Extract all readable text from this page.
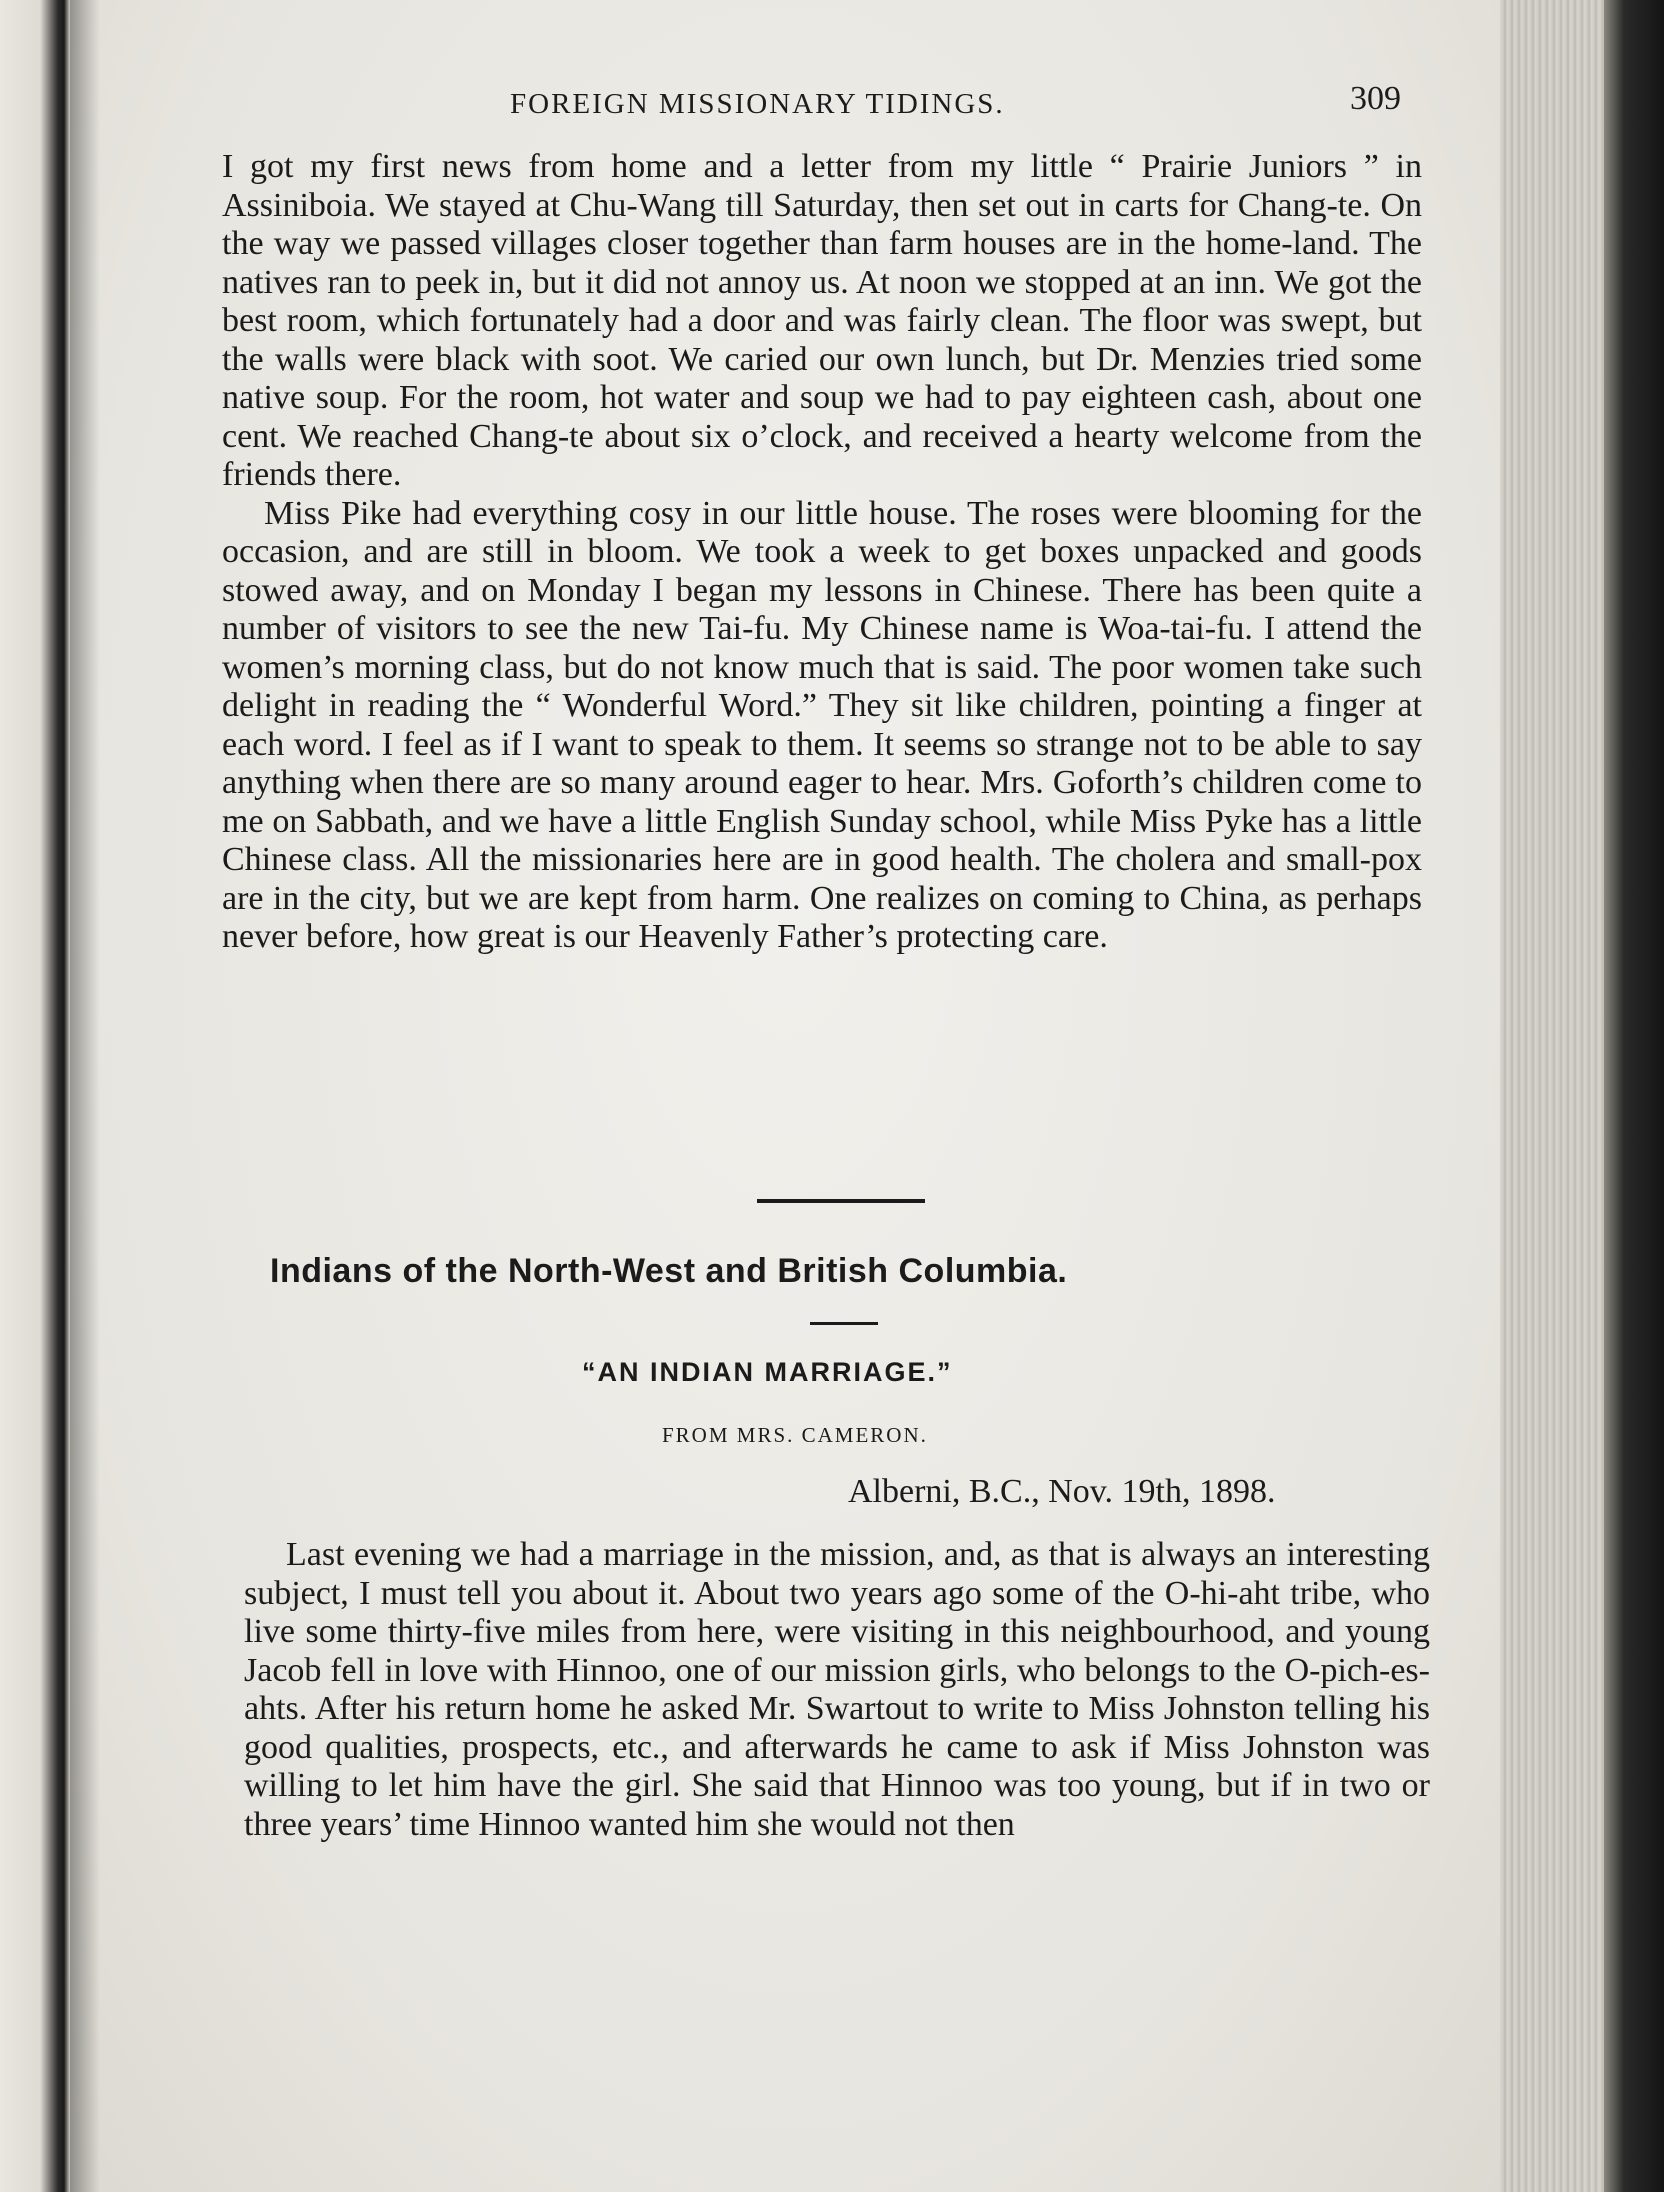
FOREIGN MISSIONARY TIDINGS.	309

I got my first news from home and a letter from my little “ Prairie Juniors ” in Assiniboia. We stayed at Chu-Wang till Saturday, then set out in carts for Chang-te. On the way we passed villages closer together than farm houses are in the home-land. The natives ran to peek in, but it did not annoy us. At noon we stopped at an inn. We got the best room, which fortunately had a door and was fairly clean. The floor was swept, but the walls were black with soot. We caried our own lunch, but Dr. Menzies tried some native soup. For the room, hot water and soup we had to pay eighteen cash, about one cent. We reached Chang-te about six o’clock, and received a hearty welcome from the friends there.

Miss Pike had everything cosy in our little house. The roses were blooming for the occasion, and are still in bloom. We took a week to get boxes unpacked and goods stowed away, and on Monday I began my lessons in Chinese. There has been quite a number of visitors to see the new Tai-fu. My Chinese name is Woa-tai-fu. I attend the women’s morning class, but do not know much that is said. The poor women take such delight in reading the “ Wonderful Word.” They sit like children, pointing a finger at each word. I feel as if I want to speak to them. It seems so strange not to be able to say anything when there are so many around eager to hear. Mrs. Goforth’s children come to me on Sabbath, and we have a little English Sunday school, while Miss Pyke has a little Chinese class. All the missionaries here are in good health. The cholera and small-pox are in the city, but we are kept from harm. One realizes on coming to China, as perhaps never before, how great is our Heavenly Father’s protecting care.

Indians of the North-West and British Columbia.
“AN INDIAN MARRIAGE.”
FROM MRS. CAMERON.
Alberni, B.C., Nov. 19th, 1898.

Last evening we had a marriage in the mission, and, as that is always an interesting subject, I must tell you about it. About two years ago some of the O-hi-aht tribe, who live some thirty-five miles from here, were visiting in this neighbourhood, and young Jacob fell in love with Hinnoo, one of our mission girls, who belongs to the O-pich-es-ahts. After his return home he asked Mr. Swartout to write to Miss Johnston telling his good qualities, prospects, etc., and afterwards he came to ask if Miss Johnston was willing to let him have the girl. She said that Hinnoo was too young, but if in two or three years’ time Hinnoo wanted him she would not then
